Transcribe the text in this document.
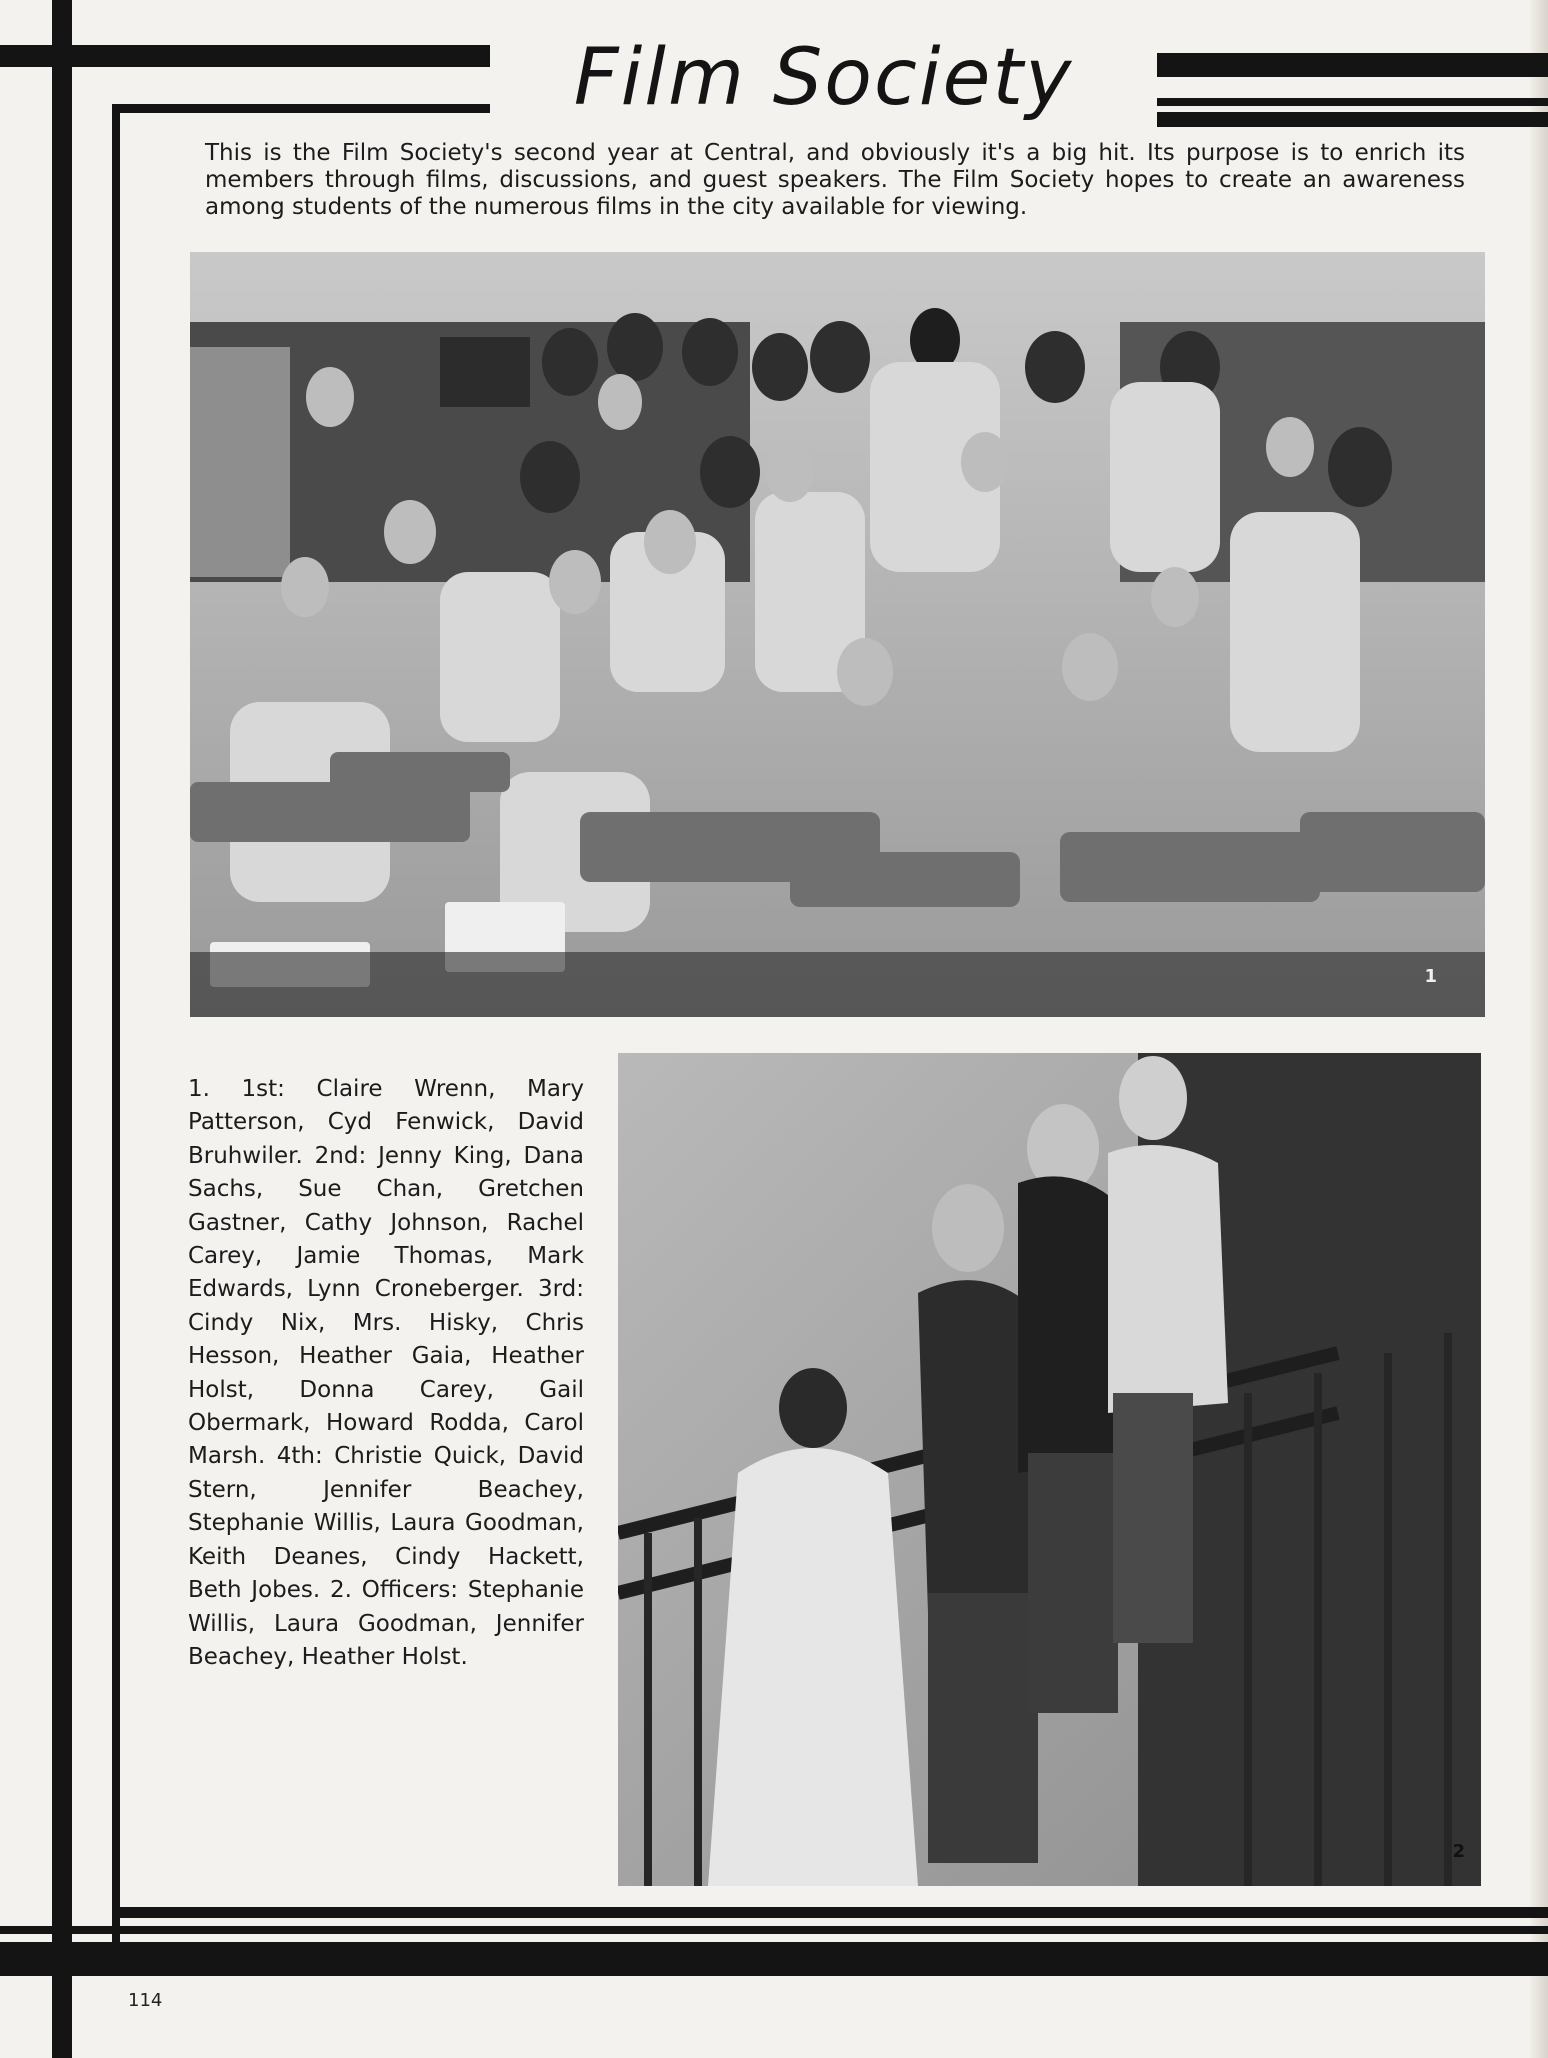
Film Society

This is the Film Society's second year at Central, and obviously it's a big hit. Its purpose is to enrich its members through films, discussions, and guest speakers. The Film Society hopes to create an awareness among students of the numerous films in the city available for viewing.

1
2

1. 1st: Claire Wrenn, Mary Patterson, Cyd Fenwick, David Bruhwiler. 2nd: Jenny King, Dana Sachs, Sue Chan, Gretchen Gastner, Cathy Johnson, Rachel Carey, Jamie Thomas, Mark Edwards, Lynn Croneberger. 3rd: Cindy Nix, Mrs. Hisky, Chris Hesson, Heather Gaia, Heather Holst, Donna Carey, Gail Obermark, Howard Rodda, Carol Marsh. 4th: Christie Quick, David Stern, Jennifer Beachey, Stephanie Willis, Laura Goodman, Keith Deanes, Cindy Hackett, Beth Jobes. 2. Officers: Stephanie Willis, Laura Goodman, Jennifer Beachey, Heather Holst.

114
